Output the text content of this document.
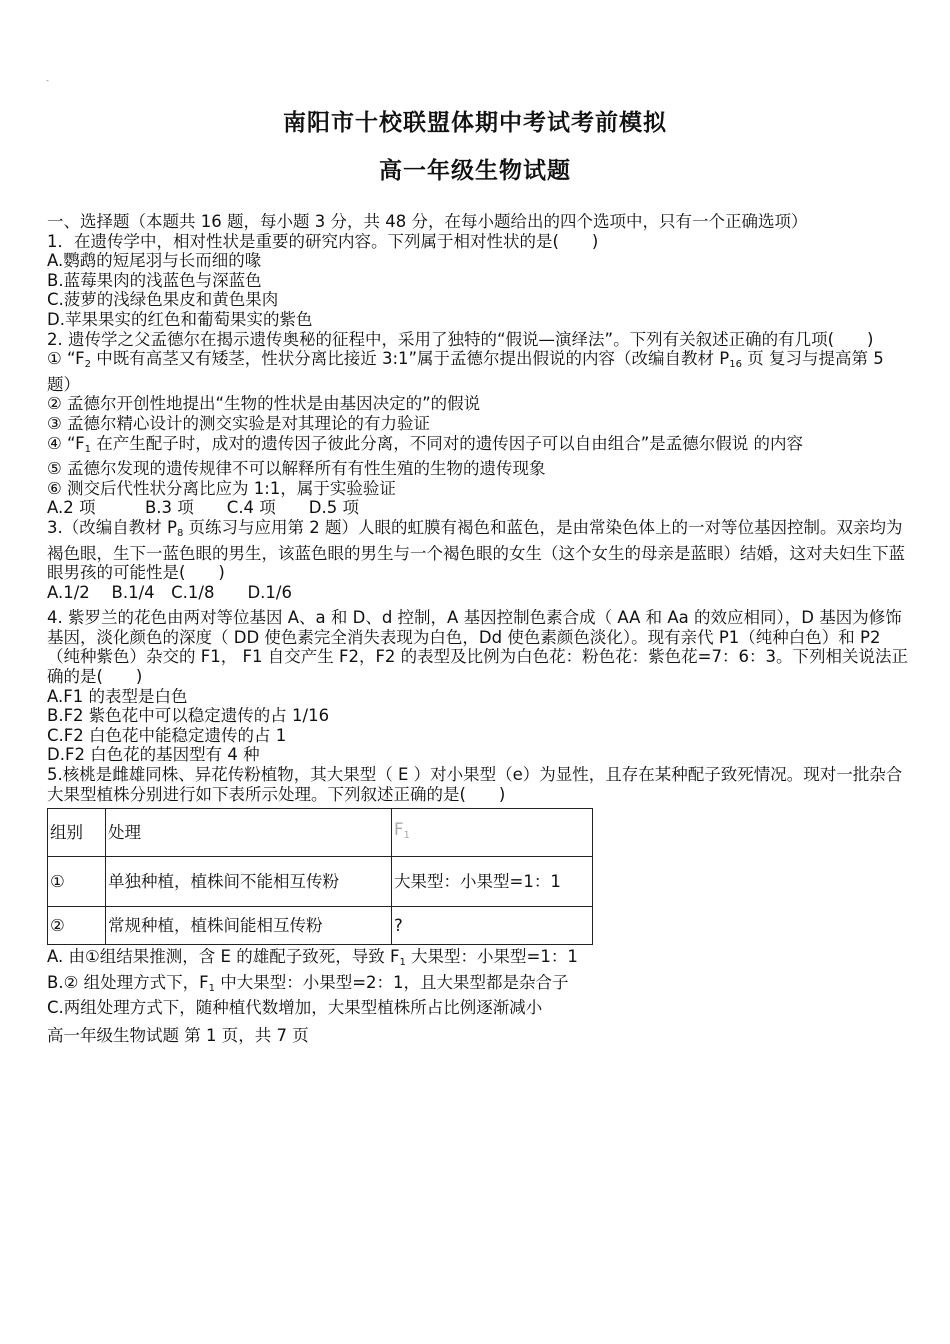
-
南阳市十校联盟体期中考试考前模拟
高一年级生物试题
一、选择题（本题共 16 题，每小题 3 分，共 48 分，在每小题给出的四个选项中，只有一个正确选项）
1．在遗传学中，相对性状是重要的研究内容。下列属于相对性状的是(　　)
A.鹦鹉的短尾羽与长而细的喙
B.蓝莓果肉的浅蓝色与深蓝色
C.菠萝的浅绿色果皮和黄色果肉
D.苹果果实的红色和葡萄果实的紫色
2. 遗传学之父孟德尔在揭示遗传奥秘的征程中，采用了独特的“假说—演绎法”。下列有关叙述正确的有几项(　　)
① “$F_2$ 中既有高茎又有矮茎，性状分离比接近 3:1”属于孟德尔提出假说的内容（改编自教材 $P_{16}$ 页 复习与提高第 5 题）
② 孟德尔开创性地提出“生物的性状是由基因决定的”的假说
③ 孟德尔精心设计的测交实验是对其理论的有力验证
④ “$F_1$ 在产生配子时，成对的遗传因子彼此分离，不同对的遗传因子可以自由组合”是孟德尔假说 的内容
⑤ 孟德尔发现的遗传规律不可以解释所有有性生殖的生物的遗传现象
⑥ 测交后代性状分离比应为 1:1，属于实验验证
A.2 项　　　B.3 项　　C.4 项　　D.5 项
3.（改编自教材 $P_8$ 页练习与应用第 2 题）人眼的虹膜有褐色和蓝色，是由常染色体上的一对等位基因控制。双亲均为褐色眼，生下一蓝色眼的男生，该蓝色眼的男生与一个褐色眼的女生（这个女生的母亲是蓝眼）结婚，这对夫妇生下蓝眼男孩的可能性是(　　)
A.1/2　 B.1/4　C.1/8　　D.1/6
4. 紫罗兰的花色由两对等位基因 A、a 和 D、d 控制，A 基因控制色素合成（ AA 和 Aa 的效应相同），D 基因为修饰基因，淡化颜色的深度（ DD 使色素完全消失表现为白色，Dd 使色素颜色淡化）。现有亲代 P1（纯种白色）和 P2（纯种紫色）杂交的 F1， F1 自交产生 F2，F2 的表型及比例为白色花：粉色花：紫色花=7：6：3。下列相关说法正确的是(　　)
A.F1 的表型是白色
B.F2 紫色花中可以稳定遗传的占 1/16
C.F2 白色花中能稳定遗传的占 1
D.F2 白色花的基因型有 4 种
5.核桃是雌雄同株、异花传粉植物，其大果型（ E ）对小果型（e）为显性，且存在某种配子致死情况。现对一批杂合大果型植株分别进行如下表所示处理。下列叙述正确的是(　　)
组别	处理	$F_1$
①	单独种植，植株间不能相互传粉	大果型：小果型=1：1
②	常规种植，植株间能相互传粉	?
A. 由①组结果推测，含 E 的雄配子致死，导致 $F_1$ 大果型：小果型=1：1
B.② 组处理方式下，$F_1$ 中大果型：小果型=2：1，且大果型都是杂合子
C.两组处理方式下，随种植代数增加，大果型植株所占比例逐渐减小
高一年级生物试题 第 1 页，共 7 页
